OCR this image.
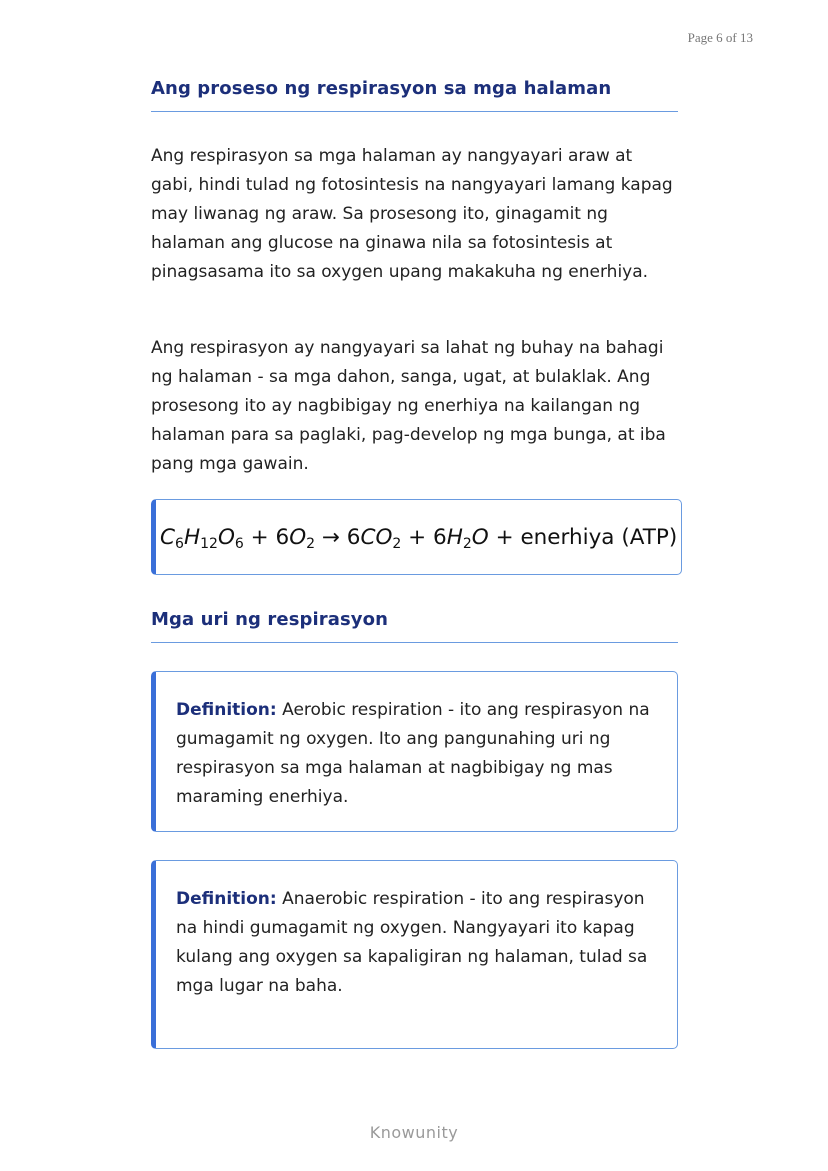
Page 6 of 13
Ang proseso ng respirasyon sa mga halaman

Ang respirasyon sa mga halaman ay nangyayari araw at gabi, hindi tulad ng fotosintesis na nangyayari lamang kapag may liwanag ng araw. Sa prosesong ito, ginagamit ng halaman ang glucose na ginawa nila sa fotosintesis at pinagsasama ito sa oxygen upang makakuha ng enerhiya.

Ang respirasyon ay nangyayari sa lahat ng buhay na bahagi ng halaman - sa mga dahon, sanga, ugat, at bulaklak. Ang prosesong ito ay nagbibigay ng enerhiya na kailangan ng halaman para sa paglaki, pag-develop ng mga bunga, at iba pang mga gawain.

$C_6H_{12}O_6 + 6O_2 \to 6CO_2 + 6H_2O$ + enerhiya (ATP)
Mga uri ng respirasyon

Definition: Aerobic respiration - ito ang respirasyon na gumagamit ng oxygen. Ito ang pangunahing uri ng respirasyon sa mga halaman at nagbibigay ng mas maraming enerhiya.

Definition: Anaerobic respiration - ito ang respirasyon na hindi gumagamit ng oxygen. Nangyayari ito kapag kulang ang oxygen sa kapaligiran ng halaman, tulad sa mga lugar na baha.

Knowunity
